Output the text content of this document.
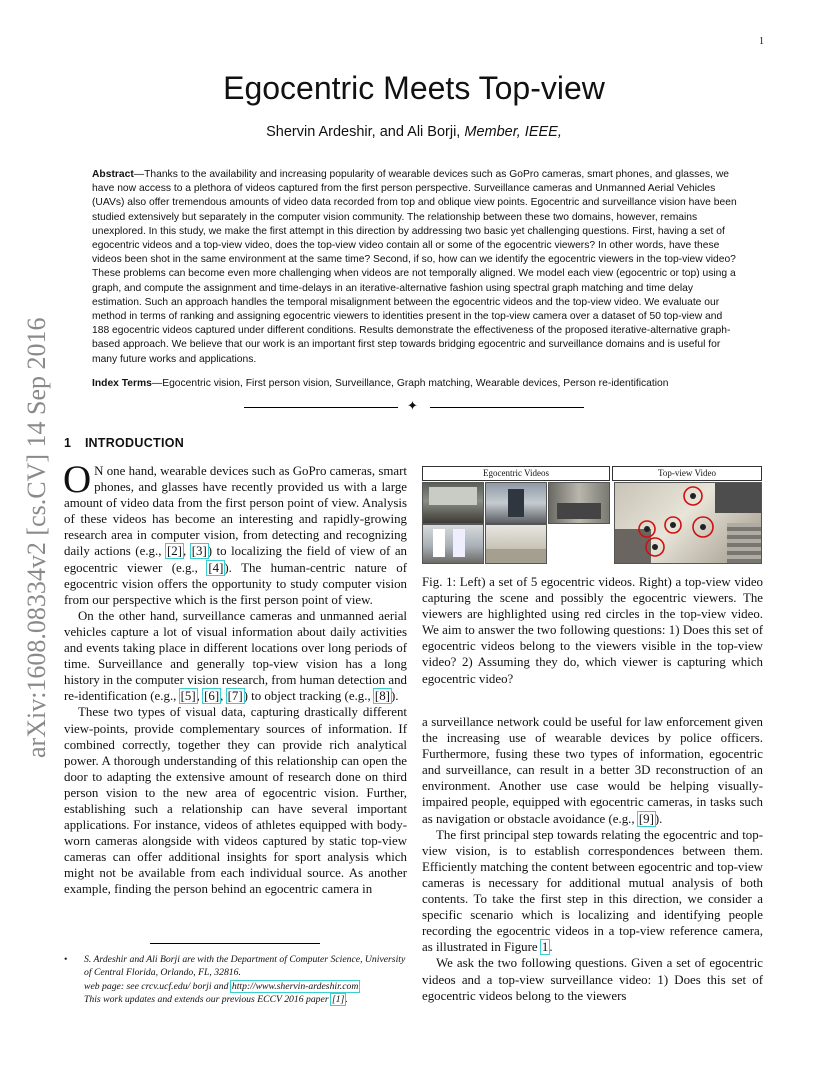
1
Egocentric Meets Top-view
Shervin Ardeshir, and Ali Borji, Member, IEEE,
Abstract—Thanks to the availability and increasing popularity of wearable devices such as GoPro cameras, smart phones, and glasses, we have now access to a plethora of videos captured from the first person perspective. Surveillance cameras and Unmanned Aerial Vehicles (UAVs) also offer tremendous amounts of video data recorded from top and oblique view points. Egocentric and surveillance vision have been studied extensively but separately in the computer vision community. The relationship between these two domains, however, remains unexplored. In this study, we make the first attempt in this direction by addressing two basic yet challenging questions. First, having a set of egocentric videos and a top-view video, does the top-view video contain all or some of the egocentric viewers? In other words, have these videos been shot in the same environment at the same time? Second, if so, how can we identify the egocentric viewers in the top-view video? These problems can become even more challenging when videos are not temporally aligned. We model each view (egocentric or top) using a graph, and compute the assignment and time-delays in an iterative-alternative fashion using spectral graph matching and time delay estimation. Such an approach handles the temporal misalignment between the egocentric videos and the top-view video. We evaluate our method in terms of ranking and assigning egocentric viewers to identities present in the top-view camera over a dataset of 50 top-view and 188 egocentric videos captured under different conditions. Results demonstrate the effectiveness of the proposed iterative-alternative graph-based approach. We believe that our work is an important first step towards bridging egocentric and surveillance domains and is useful for many future works and applications.
Index Terms—Egocentric vision, First person vision, Surveillance, Graph matching, Wearable devices, Person re-identification
✦
arXiv:1608.08334v2 [cs.CV] 14 Sep 2016 1 INTRODUCTION

O N one hand, wearable devices such as GoPro cameras, smart phones, and glasses have recently provided us with a large amount of video data from the first person point of view. Analysis of these videos has become an interesting and rapidly-growing research area in computer vision, from detecting and recognizing daily actions (e.g., [2], [3]) to localizing the field of view of an egocentric viewer (e.g., [4]). The human-centric nature of egocentric vision offers the opportunity to study computer vision from our perspective which is the first person point of view.

On the other hand, surveillance cameras and unmanned aerial vehicles capture a lot of visual information about daily activities and events taking place in different locations over long periods of time. Surveillance and generally top-view vision has a long history in the computer vision research, from human detection and re-identification (e.g., [5], [6], [7]) to object tracking (e.g., [8]).

These two types of visual data, capturing drastically different view-points, provide complementary sources of information. If combined correctly, together they can provide rich analytical power. A thorough understanding of this relationship can open the door to adapting the extensive amount of research done on third person vision to the new area of egocentric vision. Further, establishing such a relationship can have several important applications. For instance, videos of athletes equipped with body-worn cameras alongside with videos captured by static top-view cameras can offer additional insights for sport analysis which might not be available from each individual source. As another example, finding the person behind an egocentric camera in

• S. Ardeshir and Ali Borji are with the Department of Computer Science, University of Central Florida, Orlando, FL, 32816.
web page: see crcv.ucf.edu/ borji and http://www.shervin-ardeshir.com
This work updates and extends our previous ECCV 2016 paper [1].
Egocentric Videos	Top-view Video
Fig. 1: Left) a set of 5 egocentric videos. Right) a top-view video capturing the scene and possibly the egocentric viewers. The viewers are highlighted using red circles in the top-view video. We aim to answer the two following questions: 1) Does this set of egocentric videos belong to the viewers visible in the top-view video? 2) Assuming they do, which viewer is capturing which egocentric video?

a surveillance network could be useful for law enforcement given the increasing use of wearable devices by police officers. Furthermore, fusing these two types of information, egocentric and surveillance, can result in a better 3D reconstruction of an environment. Another use case would be helping visually-impaired people, equipped with egocentric cameras, in tasks such as navigation or obstacle avoidance (e.g., [9]).

The first principal step towards relating the egocentric and top-view vision, is to establish correspondences between them. Efficiently matching the content between egocentric and top-view cameras is necessary for additional mutual analysis of both contents. To take the first step in this direction, we consider a specific scenario which is localizing and identifying people recording the egocentric videos in a top-view reference camera, as illustrated in Figure 1.

We ask the two following questions. Given a set of egocentric videos and a top-view surveillance video: 1) Does this set of egocentric videos belong to the viewers
